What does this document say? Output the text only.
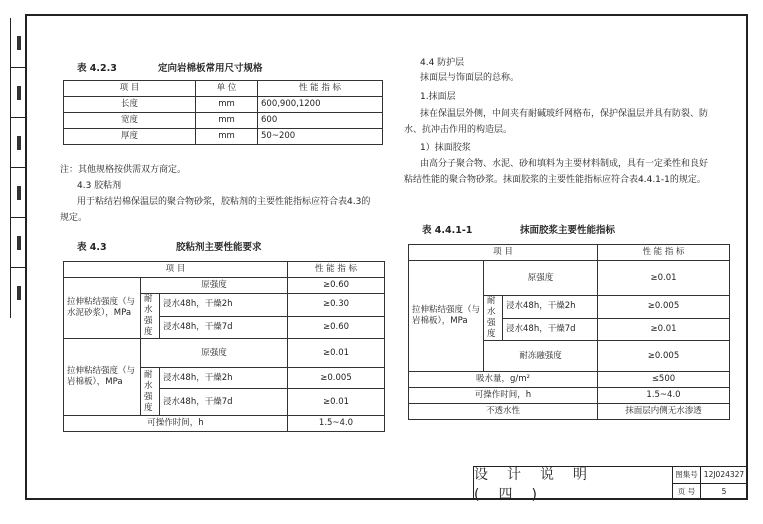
表 4.2.3	定向岩棉板常用尺寸规格
项 目	单 位	性 能 指 标
长度	mm	600,900,1200
宽度	mm	600
厚度	mm	50~200
注：其他规格按供需双方商定。
4.3 胶粘剂
用于粘结岩棉保温层的聚合物砂浆，胶粘剂的主要性能指标应符合表4.3的
规定。
表 4.3	胶粘剂主要性能要求
项 目			性 能 指 标
拉伸粘结强度（与水泥砂浆），MPa	原强度		≥0.60
	耐水强度	浸水48h，干燥2h	≥0.30
		浸水48h，干燥7d	≥0.60
拉伸粘结强度（与岩棉板），MPa	原强度		≥0.01
	耐水强度	浸水48h，干燥2h	≥0.005
		浸水48h，干燥7d	≥0.01
可操作时间，h			1.5~4.0
4.4 防护层
抹面层与饰面层的总称。
1.抹面层
抹在保温层外侧，中间夹有耐碱玻纤网格布，保护保温层并具有防裂、防
水、抗冲击作用的构造层。
1）抹面胶浆
由高分子聚合物、水泥、砂和填料为主要材料制成，具有一定柔性和良好
粘结性能的聚合物砂浆。抹面胶浆的主要性能指标应符合表4.4.1-1的规定。
表 4.4.1-1	抹面胶浆主要性能指标
项 目			性 能 指 标
拉伸粘结强度（与岩棉板），MPa	原强度		≥0.01
	耐水强度	浸水48h，干燥2h	≥0.005
		浸水48h，干燥7d	≥0.01
	耐冻融强度		≥0.005
吸水量，g/m²			≤500
可操作时间，h			1.5~4.0
不透水性			抹面层内侧无水渗透
设计说明(四)
图集号 12J024327
页 号	5
